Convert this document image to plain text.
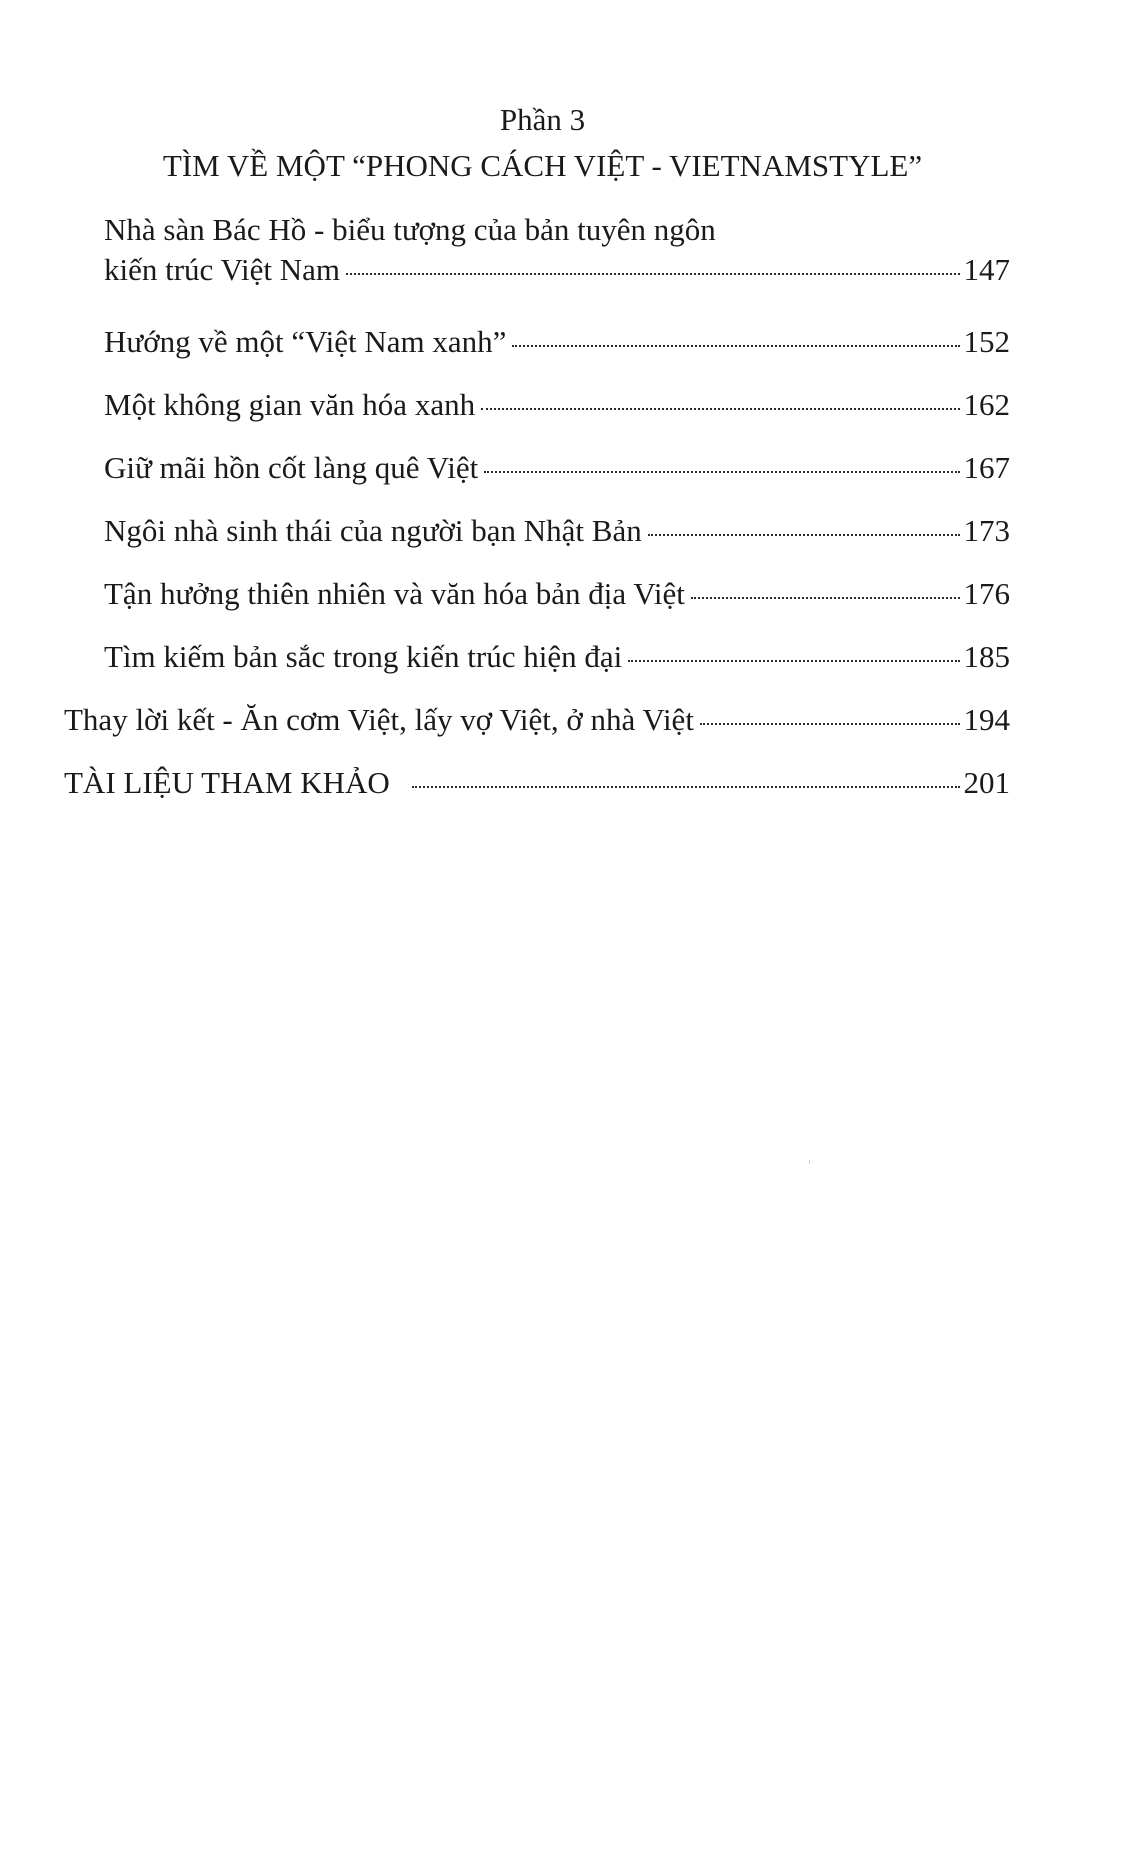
Phần 3
TÌM VỀ MỘT “PHONG CÁCH VIỆT - VIETNAMSTYLE”
Nhà sàn Bác Hồ - biểu tượng của bản tuyên ngôn
kiến trúc Việt Nam	147
Hướng về một “Việt Nam xanh”	152
Một không gian văn hóa xanh	162
Giữ mãi hồn cốt làng quê Việt	167
Ngôi nhà sinh thái của người bạn Nhật Bản	173
Tận hưởng thiên nhiên và văn hóa bản địa Việt	176
Tìm kiếm bản sắc trong kiến trúc hiện đại	185
Thay lời kết - Ăn cơm Việt, lấy vợ Việt, ở nhà Việt	194
TÀI LIỆU THAM KHẢO	201
